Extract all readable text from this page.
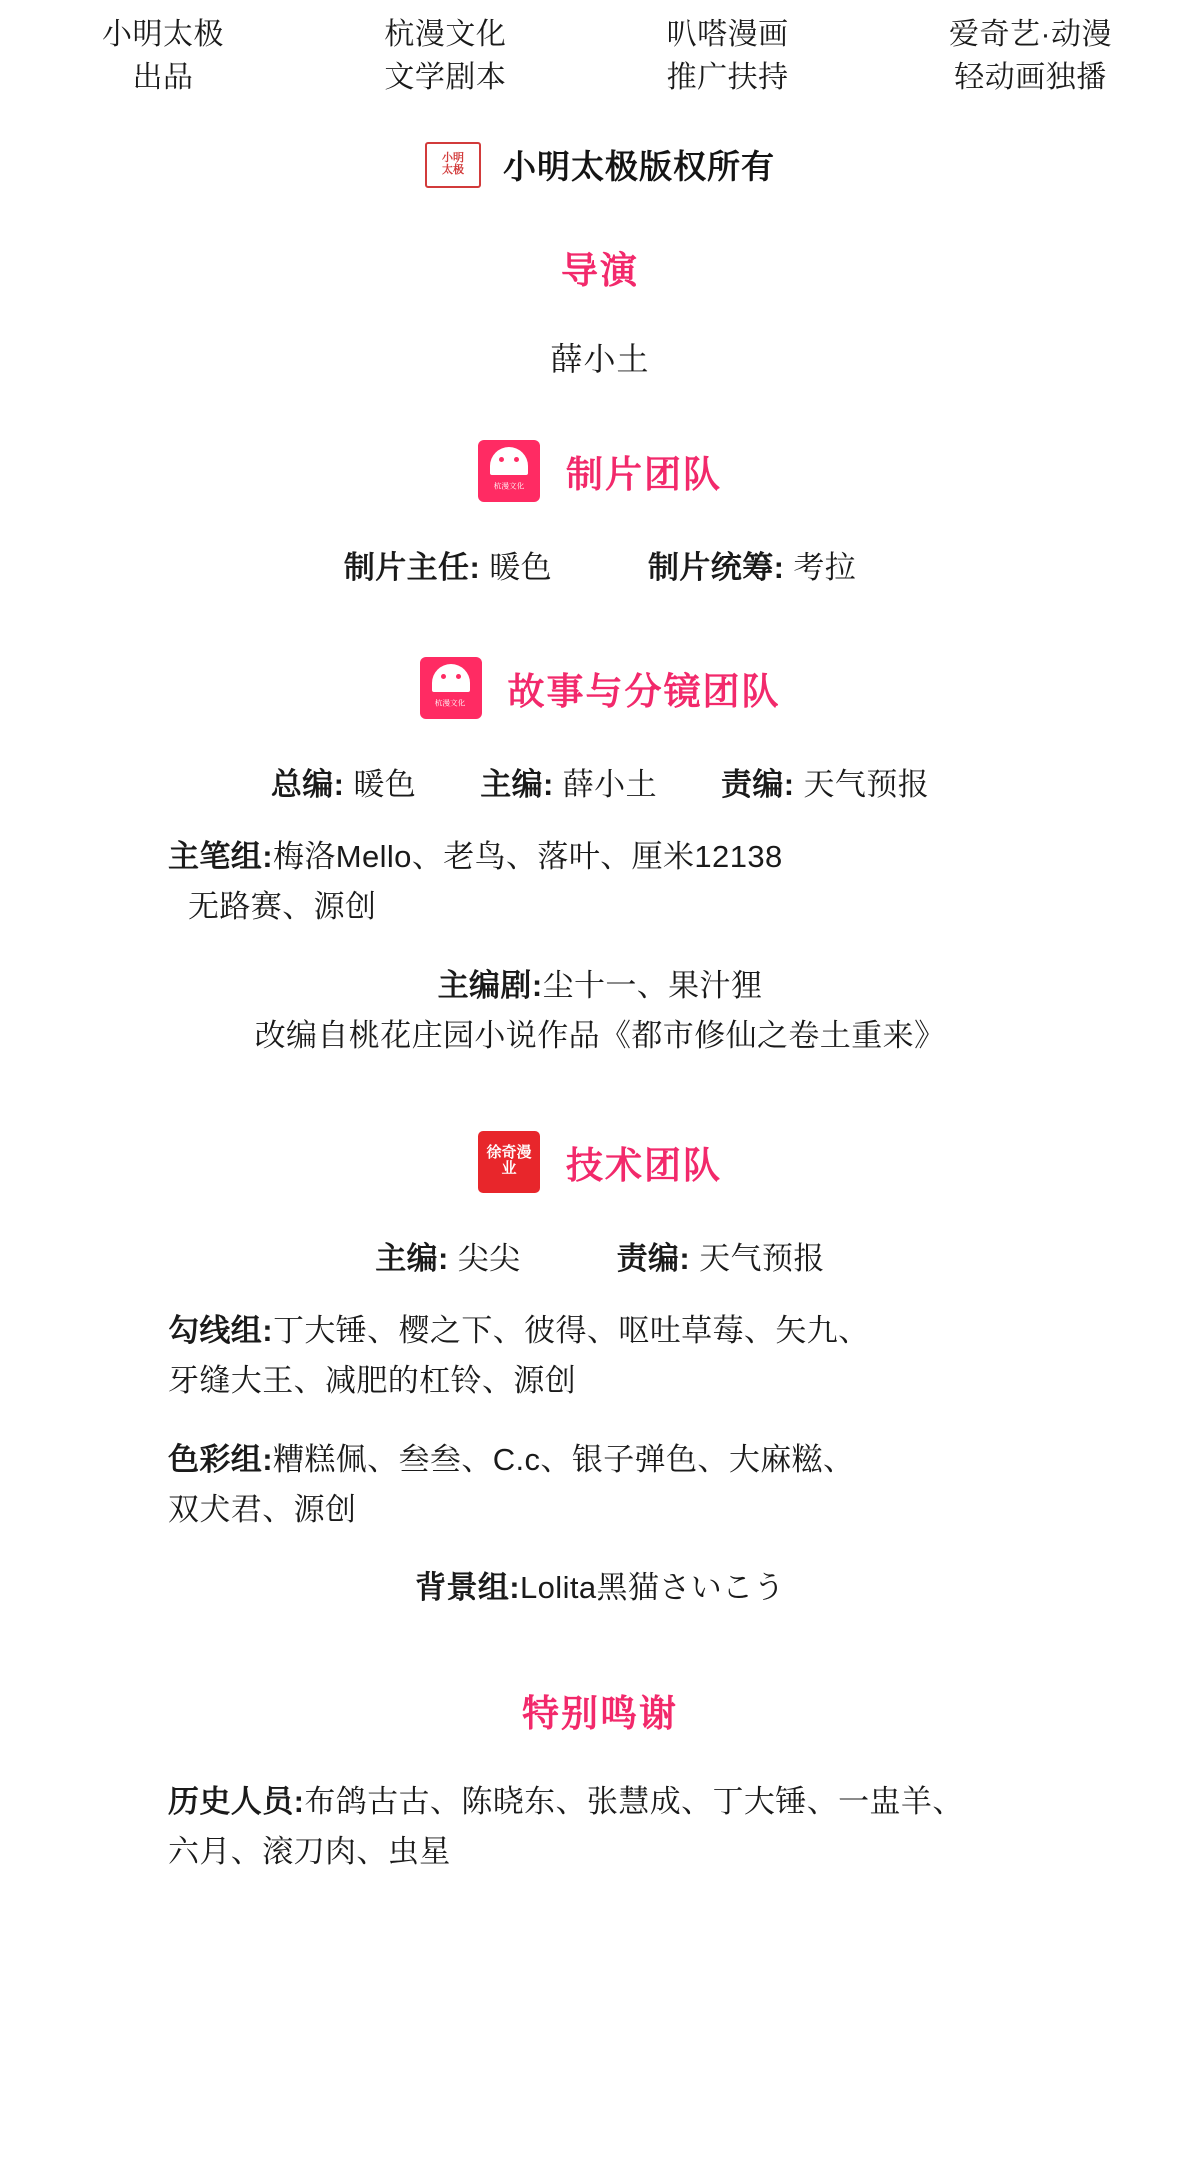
小明太极
出品
杭漫文化
文学剧本
叭嗒漫画
推广扶持
爱奇艺·动漫
轻动画独播
小明
太极	小明太极版权所有
导演
薛小土
杭漫文化 制片团队
制片主任: 暖色	制片统筹: 考拉
杭漫文化 故事与分镜团队
总编: 暖色 主编: 薛小土 责编: 天气预报
主笔组:梅洛Mello、老鸟、落叶、厘米12138
无路赛、源创
主编剧:尘十一、果汁狸
改编自桃花庄园小说作品《都市修仙之卷土重来》
徐奇漫业	技术团队
主编: 尖尖	责编: 天气预报
勾线组:丁大锤、樱之下、彼得、呕吐草莓、矢九、
牙缝大王、减肥的杠铃、源创
色彩组:糟糕佩、叁叁、C.c、银子弹色、大麻糍、
双犬君、源创
背景组:Lolita黑猫さいこう
特别鸣谢
历史人员:布鸽古古、陈晓东、张慧成、丁大锤、一盅羊、
六月、滚刀肉、虫星
